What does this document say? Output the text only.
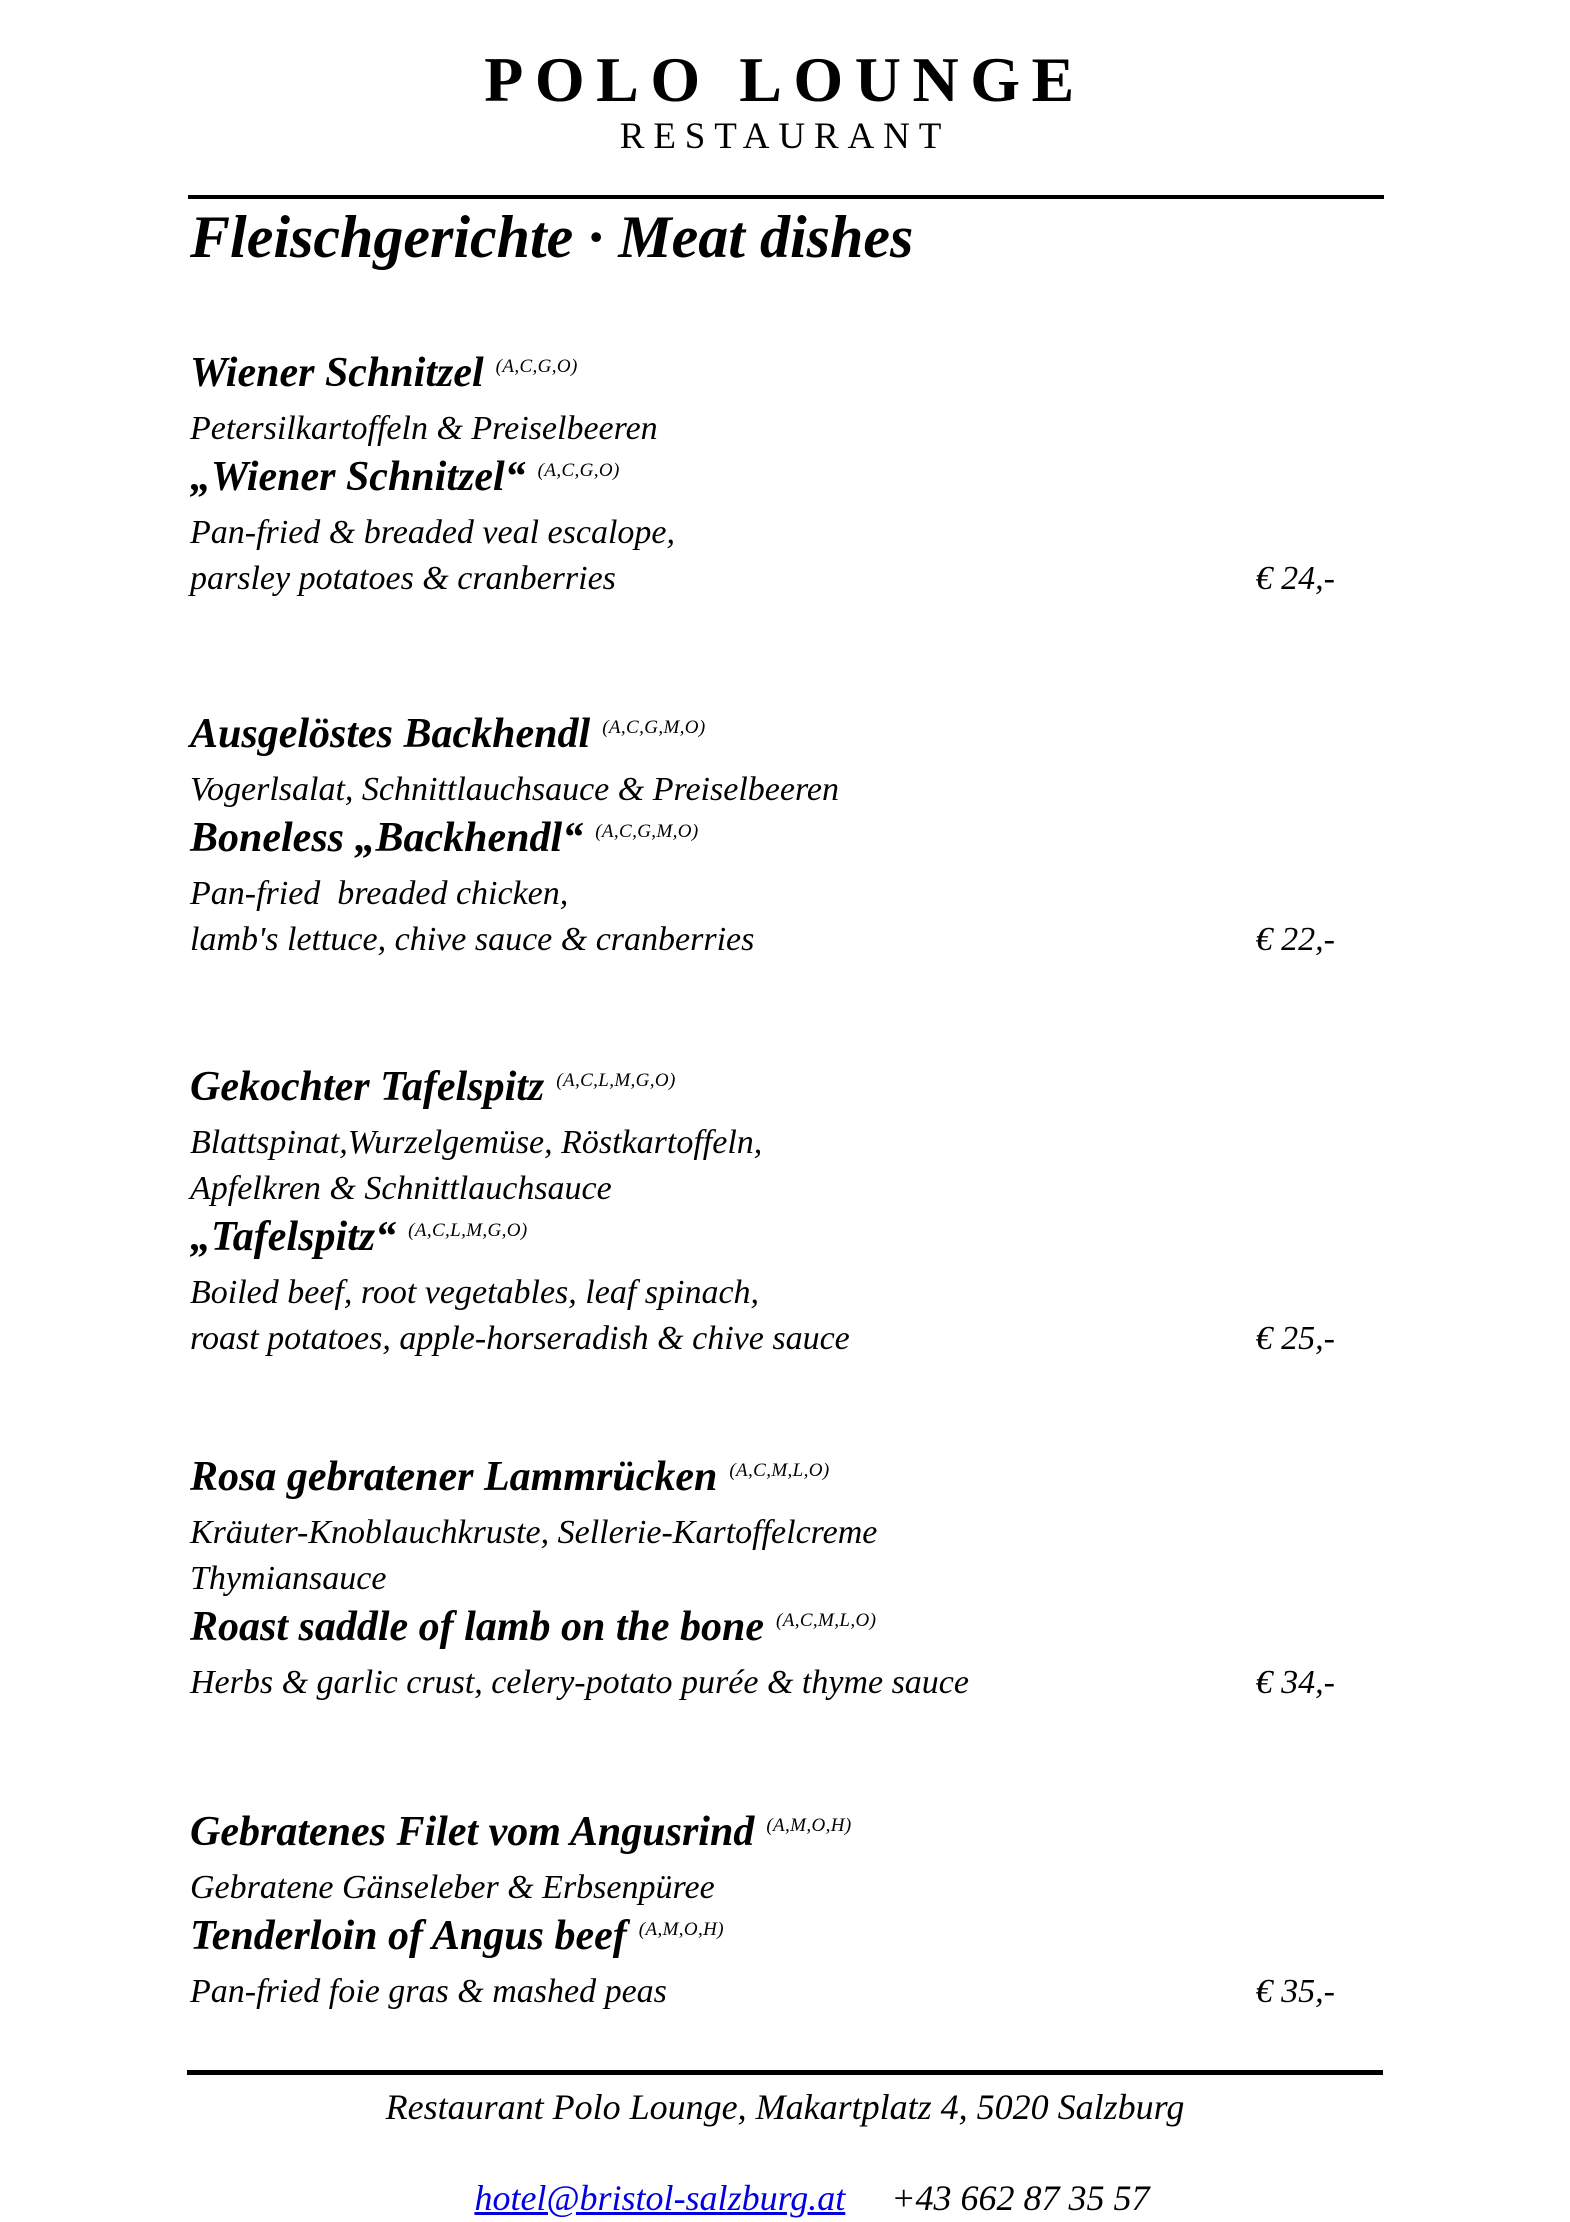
POLO LOUNGE
RESTAURANT
Fleischgerichte · Meat dishes
Wiener Schnitzel $^{(A,C,G,O)}$
Petersilkartoffeln & Preiselbeeren
„Wiener Schnitzel“ $^{(A,C,G,O)}$
Pan-fried & breaded veal escalope,
parsley potatoes & cranberries	€ 24,-
Ausgelöstes Backhendl $^{(A,C,G,M,O)}$
Vogerlsalat, Schnittlauchsauce & Preiselbeeren
Boneless „Backhendl“ $^{(A,C,G,M,O)}$
Pan-fried  breaded chicken,
lamb's lettuce, chive sauce & cranberries	€ 22,-
Gekochter Tafelspitz $^{(A,C,L,M,G,O)}$
Blattspinat,Wurzelgemüse, Röstkartoffeln,
Apfelkren & Schnittlauchsauce
„Tafelspitz“ $^{(A,C,L,M,G,O)}$
Boiled beef, root vegetables, leaf spinach,
roast potatoes, apple-horseradish & chive sauce	€ 25,-
Rosa gebratener Lammrücken $^{(A,C,M,L,O)}$
Kräuter-Knoblauchkruste, Sellerie-Kartoffelcreme
Thymiansauce
Roast saddle of lamb on the bone $^{(A,C,M,L,O)}$
Herbs & garlic crust, celery-potato purée & thyme sauce	€ 34,-
Gebratenes Filet vom Angusrind $^{(A,M,O,H)}$
Gebratene Gänseleber & Erbsenpüree
Tenderloin of Angus beef $^{(A,M,O,H)}$
Pan-fried foie gras & mashed peas	€ 35,-
Restaurant Polo Lounge, Makartplatz 4, 5020 Salzburg

hotel@bristol-salzburg.at +43 662 87 35 57
